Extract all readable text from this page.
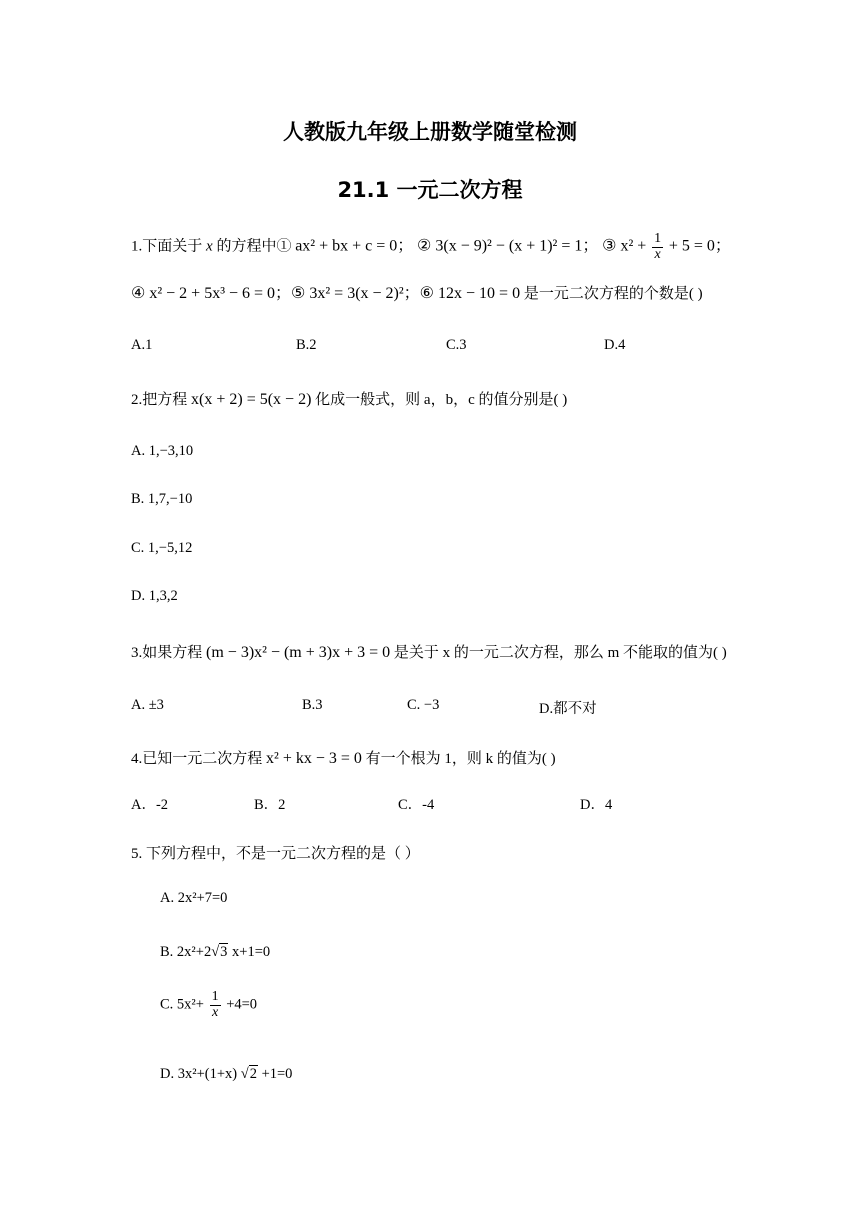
人教版九年级上册数学随堂检测
21.1 一元二次方程
1.下面关于 x 的方程中① ax² + bx + c = 0； ② 3(x − 9)² − (x + 1)² = 1； ③ $x^2 + \frac{1}{x} + 5 = 0$；
④ x² − 2 + 5x³ − 6 = 0；⑤ 3x² = 3(x − 2)²；⑥ 12x − 10 = 0 是一元二次方程的个数是( )
A.1	B.2	C.3	D.4
2.把方程 x(x + 2) = 5(x − 2) 化成一般式，则 a，b，c 的值分别是( )
A. 1,−3,10
B. 1,7,−10
C. 1,−5,12
D. 1,3,2
3.如果方程 (m − 3)x² − (m + 3)x + 3 = 0 是关于 x 的一元二次方程，那么 m 不能取的值为( )
A. ±3	B.3	C. −3	D.都不对
4.已知一元二次方程 x² + kx − 3 = 0 有一个根为 1，则 k 的值为( )
A．-2	B．2	C．-4	D．4
5. 下列方程中，不是一元二次方程的是（ ）
A. 2x²+7=0
B. 2x²+2√3 x+1=0
C. $5x^2+ \frac{1}{x} +4=0$
D. 3x²+(1+x) √2 +1=0
